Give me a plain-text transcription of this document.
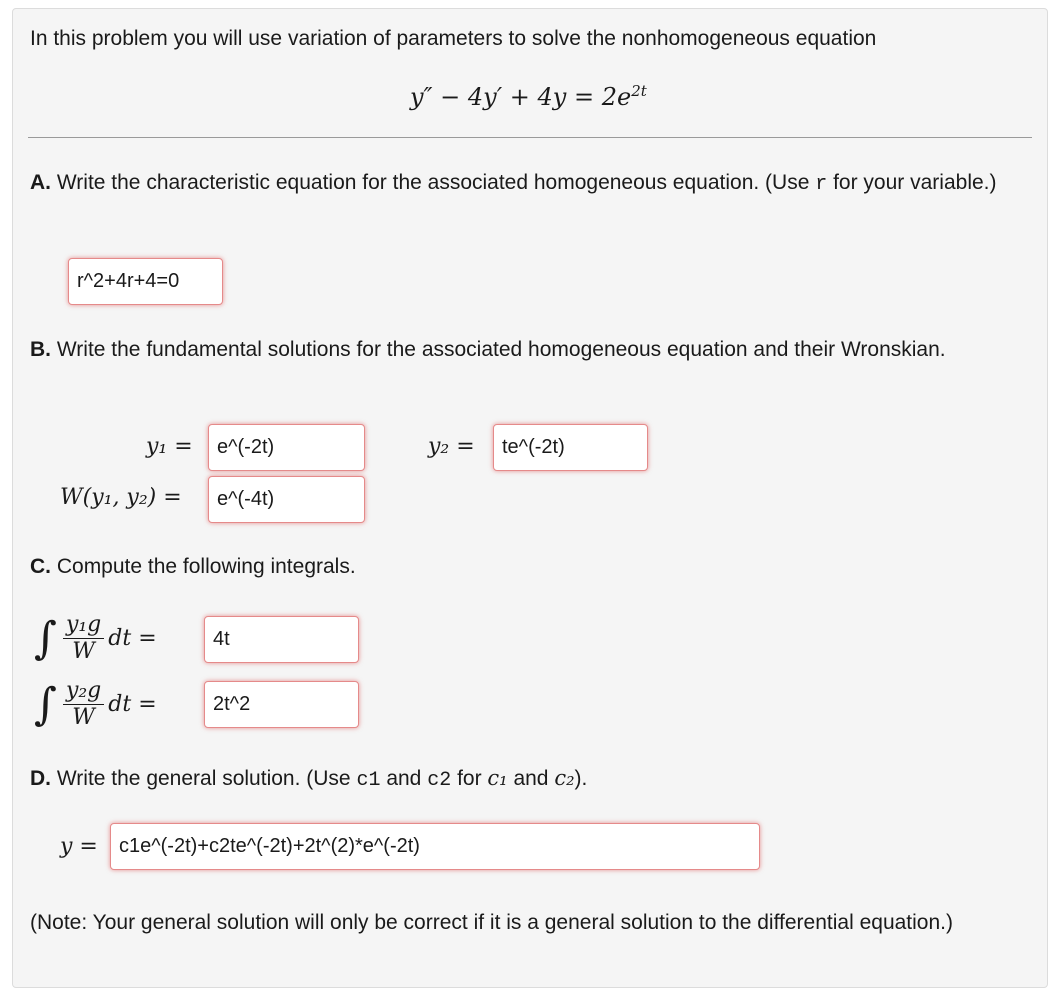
In this problem you will use variation of parameters to solve the nonhomogeneous equation
$y'' - 4y' + 4y = 2e^{2t}$
A. Write the characteristic equation for the associated homogeneous equation. (Use r for your variable.)
r^2+4r+4=0
B. Write the fundamental solutions for the associated homogeneous equation and their Wronskian.
y₁ =	e^(-2t)	y₂ =	te^(-2t)
W(y₁, y₂) =	e^(-4t)
C. Compute the following integrals.
∫ $\frac{\text{y₁g}}{W}$ dt =	4t
∫ $\frac{\text{y₂g}}{W}$ dt =	2t^2
D. Write the general solution. (Use c1 and c2 for c₁ and c₂).
y =	c1e^(-2t)+c2te^(-2t)+2t^(2)*e^(-2t)
(Note: Your general solution will only be correct if it is a general solution to the differential equation.)
